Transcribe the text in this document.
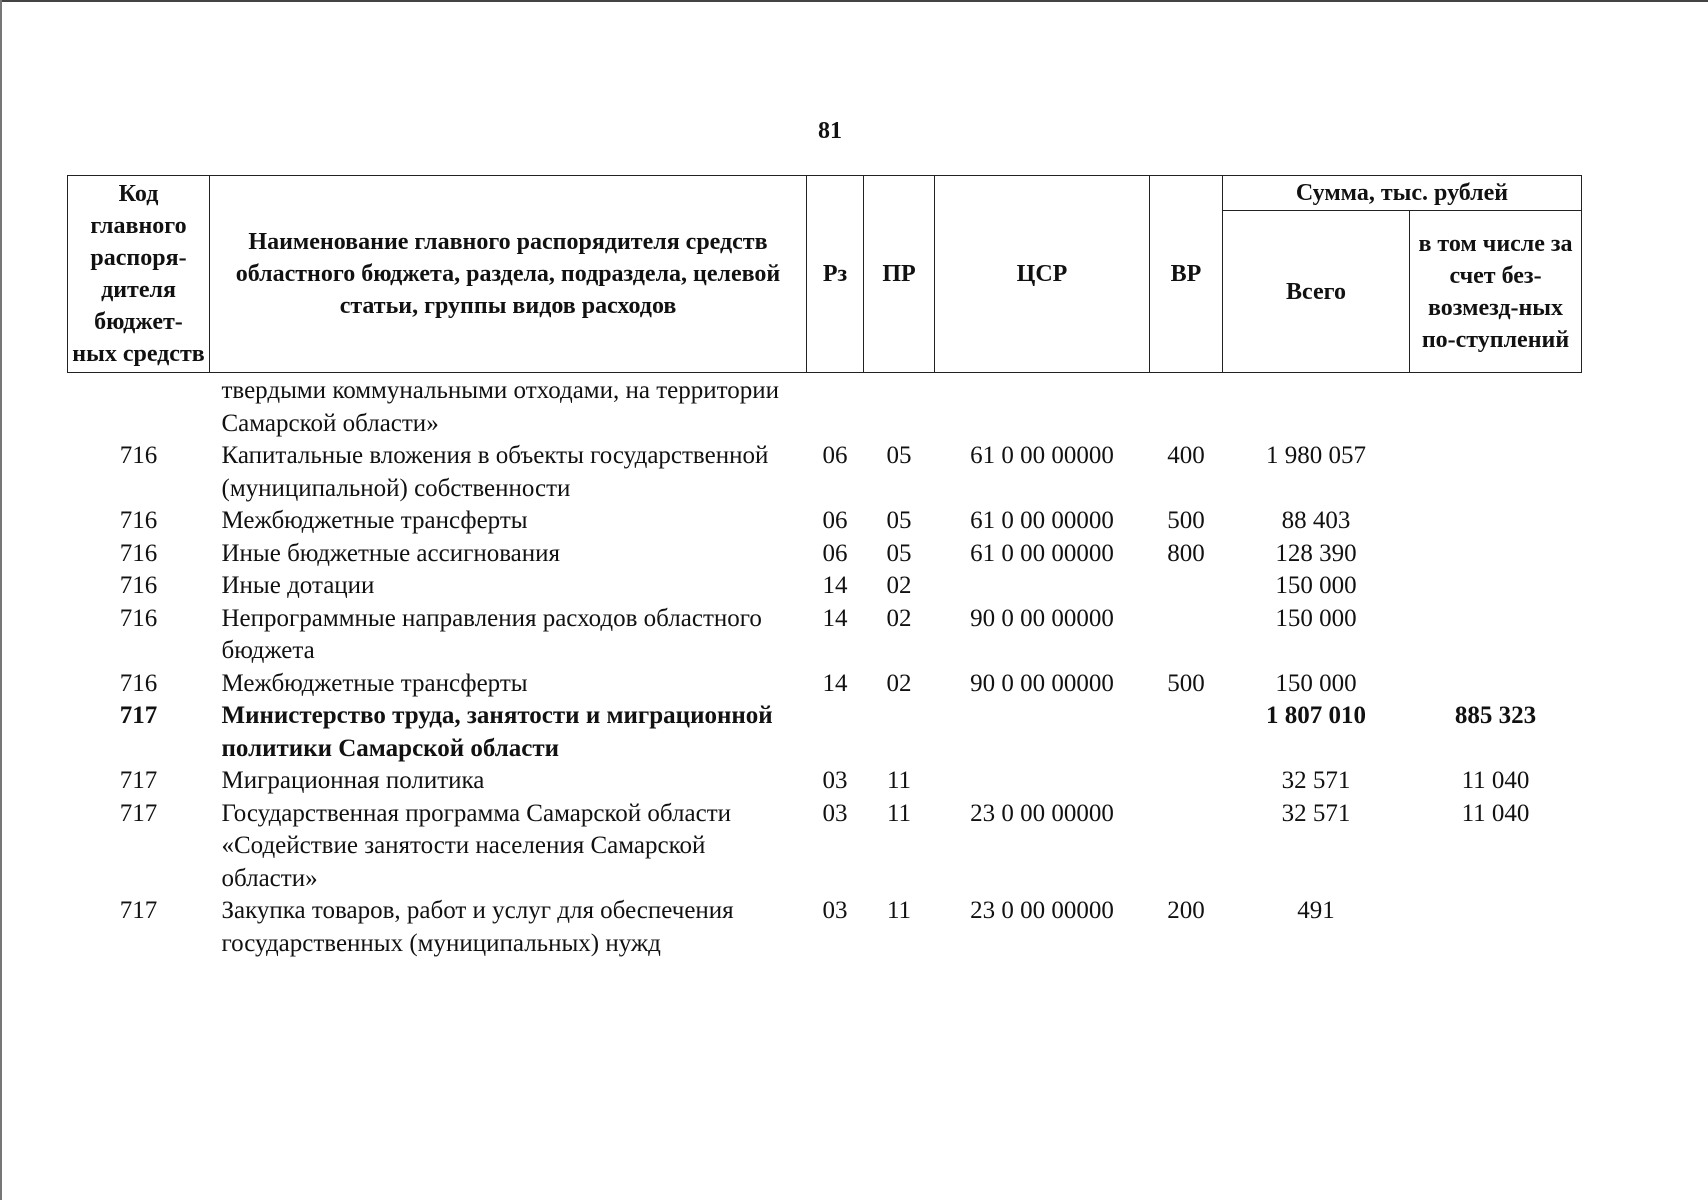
81
Код главного распоря-дителя бюджет-ных средств	Наименование главного распорядителя средств областного бюджета, раздела, подраздела, целевой статьи, группы видов расходов	Рз	ПР	ЦСР	ВР	Сумма, тыс. рублей	
						Всего	в том числе за счет без-возмезд-ных по-ступлений
	твердыми коммунальными отходами, на территории Самарской области»						
716	Капитальные вложения в объекты государственной (муниципальной) собственности	06	05	61 0 00 00000	400	1 980 057	
716	Межбюджетные трансферты	06	05	61 0 00 00000	500	88 403	
716	Иные бюджетные ассигнования	06	05	61 0 00 00000	800	128 390	
716	Иные дотации	14	02			150 000	
716	Непрограммные направления расходов областного бюджета	14	02	90 0 00 00000		150 000	
716	Межбюджетные трансферты	14	02	90 0 00 00000	500	150 000	
717	Министерство труда, занятости и миграционной политики Самарской области					1 807 010	885 323
717	Миграционная политика	03	11			32 571	11 040
717	Государственная программа Самарской области «Содействие занятости населения Самарской области»	03	11	23 0 00 00000		32 571	11 040
717	Закупка товаров, работ и услуг для обеспечения государственных (муниципальных) нужд	03	11	23 0 00 00000	200	491	
